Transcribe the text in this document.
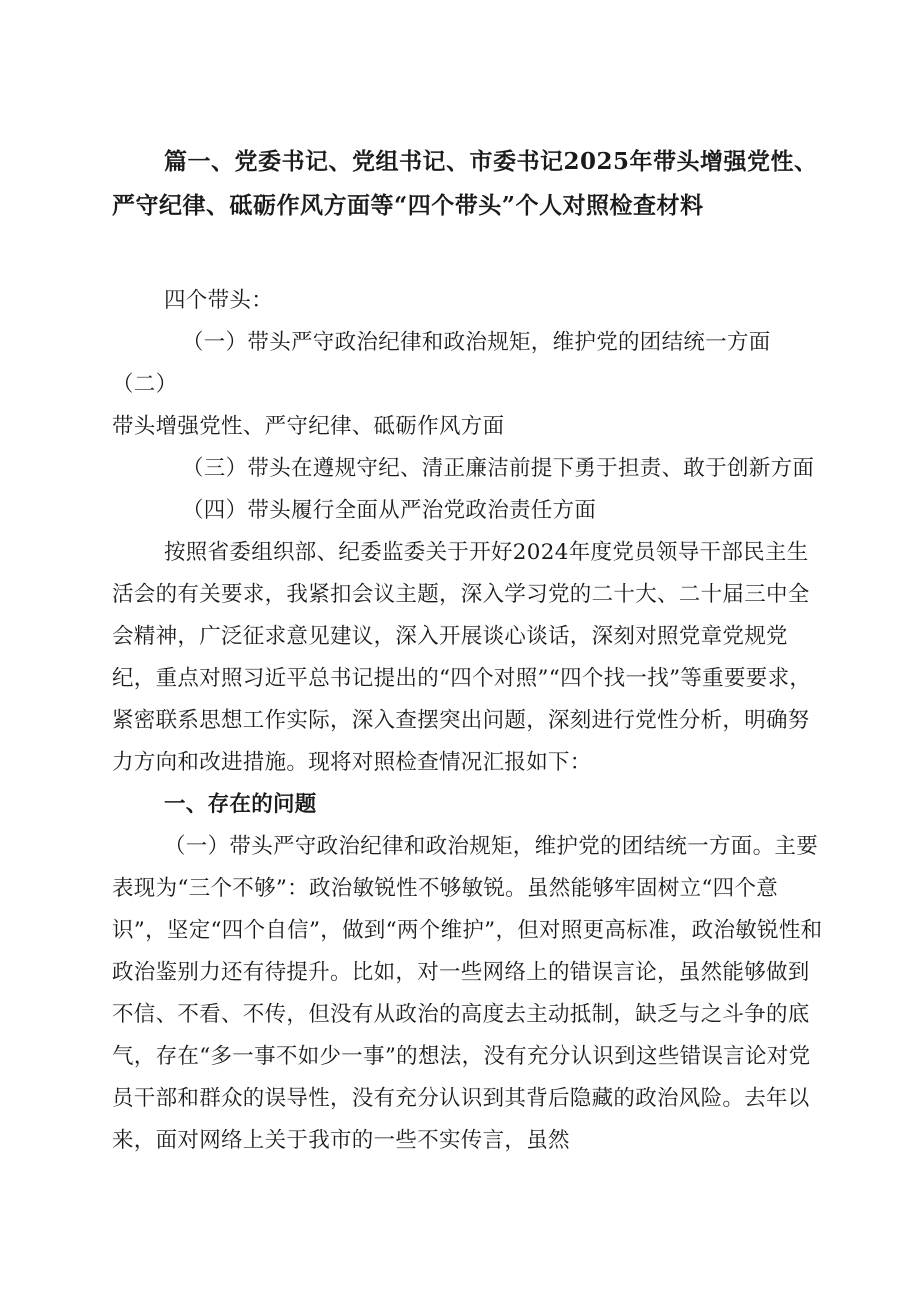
篇一、党委书记、党组书记、市委书记2025年带头增强党性、严守纪律、砥砺作风方面等“四个带头”个人对照检查材料

四个带头：

（一）带头严守政治纪律和政治规矩，维护党的团结统一方面（二）

带头增强党性、严守纪律、砥砺作风方面

（三）带头在遵规守纪、清正廉洁前提下勇于担责、敢于创新方面

（四）带头履行全面从严治党政治责任方面

按照省委组织部、纪委监委关于开好2024年度党员领导干部民主生活会的有关要求，我紧扣会议主题，深入学习党的二十大、二十届三中全会精神，广泛征求意见建议，深入开展谈心谈话，深刻对照党章党规党纪，重点对照习近平总书记提出的“四个对照”“四个找一找”等重要要求，紧密联系思想工作实际，深入查摆突出问题，深刻进行党性分析，明确努力方向和改进措施。现将对照检查情况汇报如下：

一、存在的问题

（一）带头严守政治纪律和政治规矩，维护党的团结统一方面。主要表现为“三个不够”：政治敏锐性不够敏锐。虽然能够牢固树立“四个意识”，坚定“四个自信”，做到“两个维护”，但对照更高标准，政治敏锐性和政治鉴别力还有待提升。比如，对一些网络上的错误言论，虽然能够做到不信、不看、不传，但没有从政治的高度去主动抵制，缺乏与之斗争的底气，存在“多一事不如少一事”的想法，没有充分认识到这些错误言论对党员干部和群众的误导性，没有充分认识到其背后隐藏的政治风险。去年以来，面对网络上关于我市的一些不实传言，虽然
